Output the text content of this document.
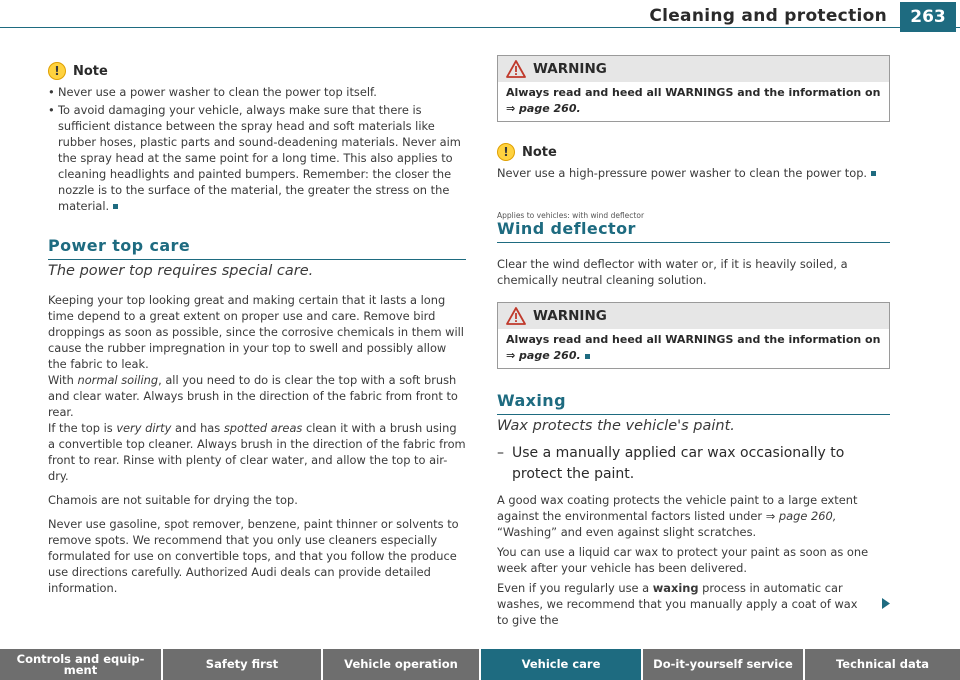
Cleaning and protection	263
!	Note

• Never use a power washer to clean the power top itself.

• To avoid damaging your vehicle, always make sure that there is sufficient distance between the spray head and soft materials like rubber hoses, plastic parts and sound-deadening materials. Never aim the spray head at the same point for a long time. This also applies to cleaning headlights and painted bumpers. Remember: the closer the nozzle is to the surface of the material, the greater the stress on the material.

Power top care

The power top requires special care.

Keeping your top looking great and making certain that it lasts a long time depend to a great extent on proper use and care. Remove bird droppings as soon as possible, since the corrosive chemicals in them will cause the rubber impregnation in your top to swell and possibly allow the fabric to leak.

With normal soiling, all you need to do is clear the top with a soft brush and clear water. Always brush in the direction of the fabric from front to rear.

If the top is very dirty and has spotted areas clean it with a brush using a convertible top cleaner. Always brush in the direction of the fabric from front to rear. Rinse with plenty of clear water, and allow the top to air-dry.

Chamois are not suitable for drying the top.

Never use gasoline, spot remover, benzene, paint thinner or solvents to remove spots. We recommend that you only use cleaners especially formulated for use on convertible tops, and that you follow the produce use directions carefully. Authorized Audi deals can provide detailed information.

WARNING
Always read and heed all WARNINGS and the information on
⇒ page 260.
!	Note

Never use a high-pressure power washer to clean the power top.

Applies to vehicles: with wind deflector

Wind deflector

Clear the wind deflector with water or, if it is heavily soiled, a chemically neutral cleaning solution.

WARNING
Always read and heed all WARNINGS and the information on
⇒ page 260.
Waxing

Wax protects the vehicle's paint.

– Use a manually applied car wax occasionally to protect the paint.

A good wax coating protects the vehicle paint to a large extent against the environmental factors listed under ⇒ page 260, “Washing” and even against slight scratches.

You can use a liquid car wax to protect your paint as soon as one week after your vehicle has been delivered.

Even if you regularly use a waxing process in automatic car washes, we recommend that you manually apply a coat of wax to give the

Controls and equip-ment	Safety first	Vehicle operation	Vehicle care	Do-it-yourself service	Technical data
